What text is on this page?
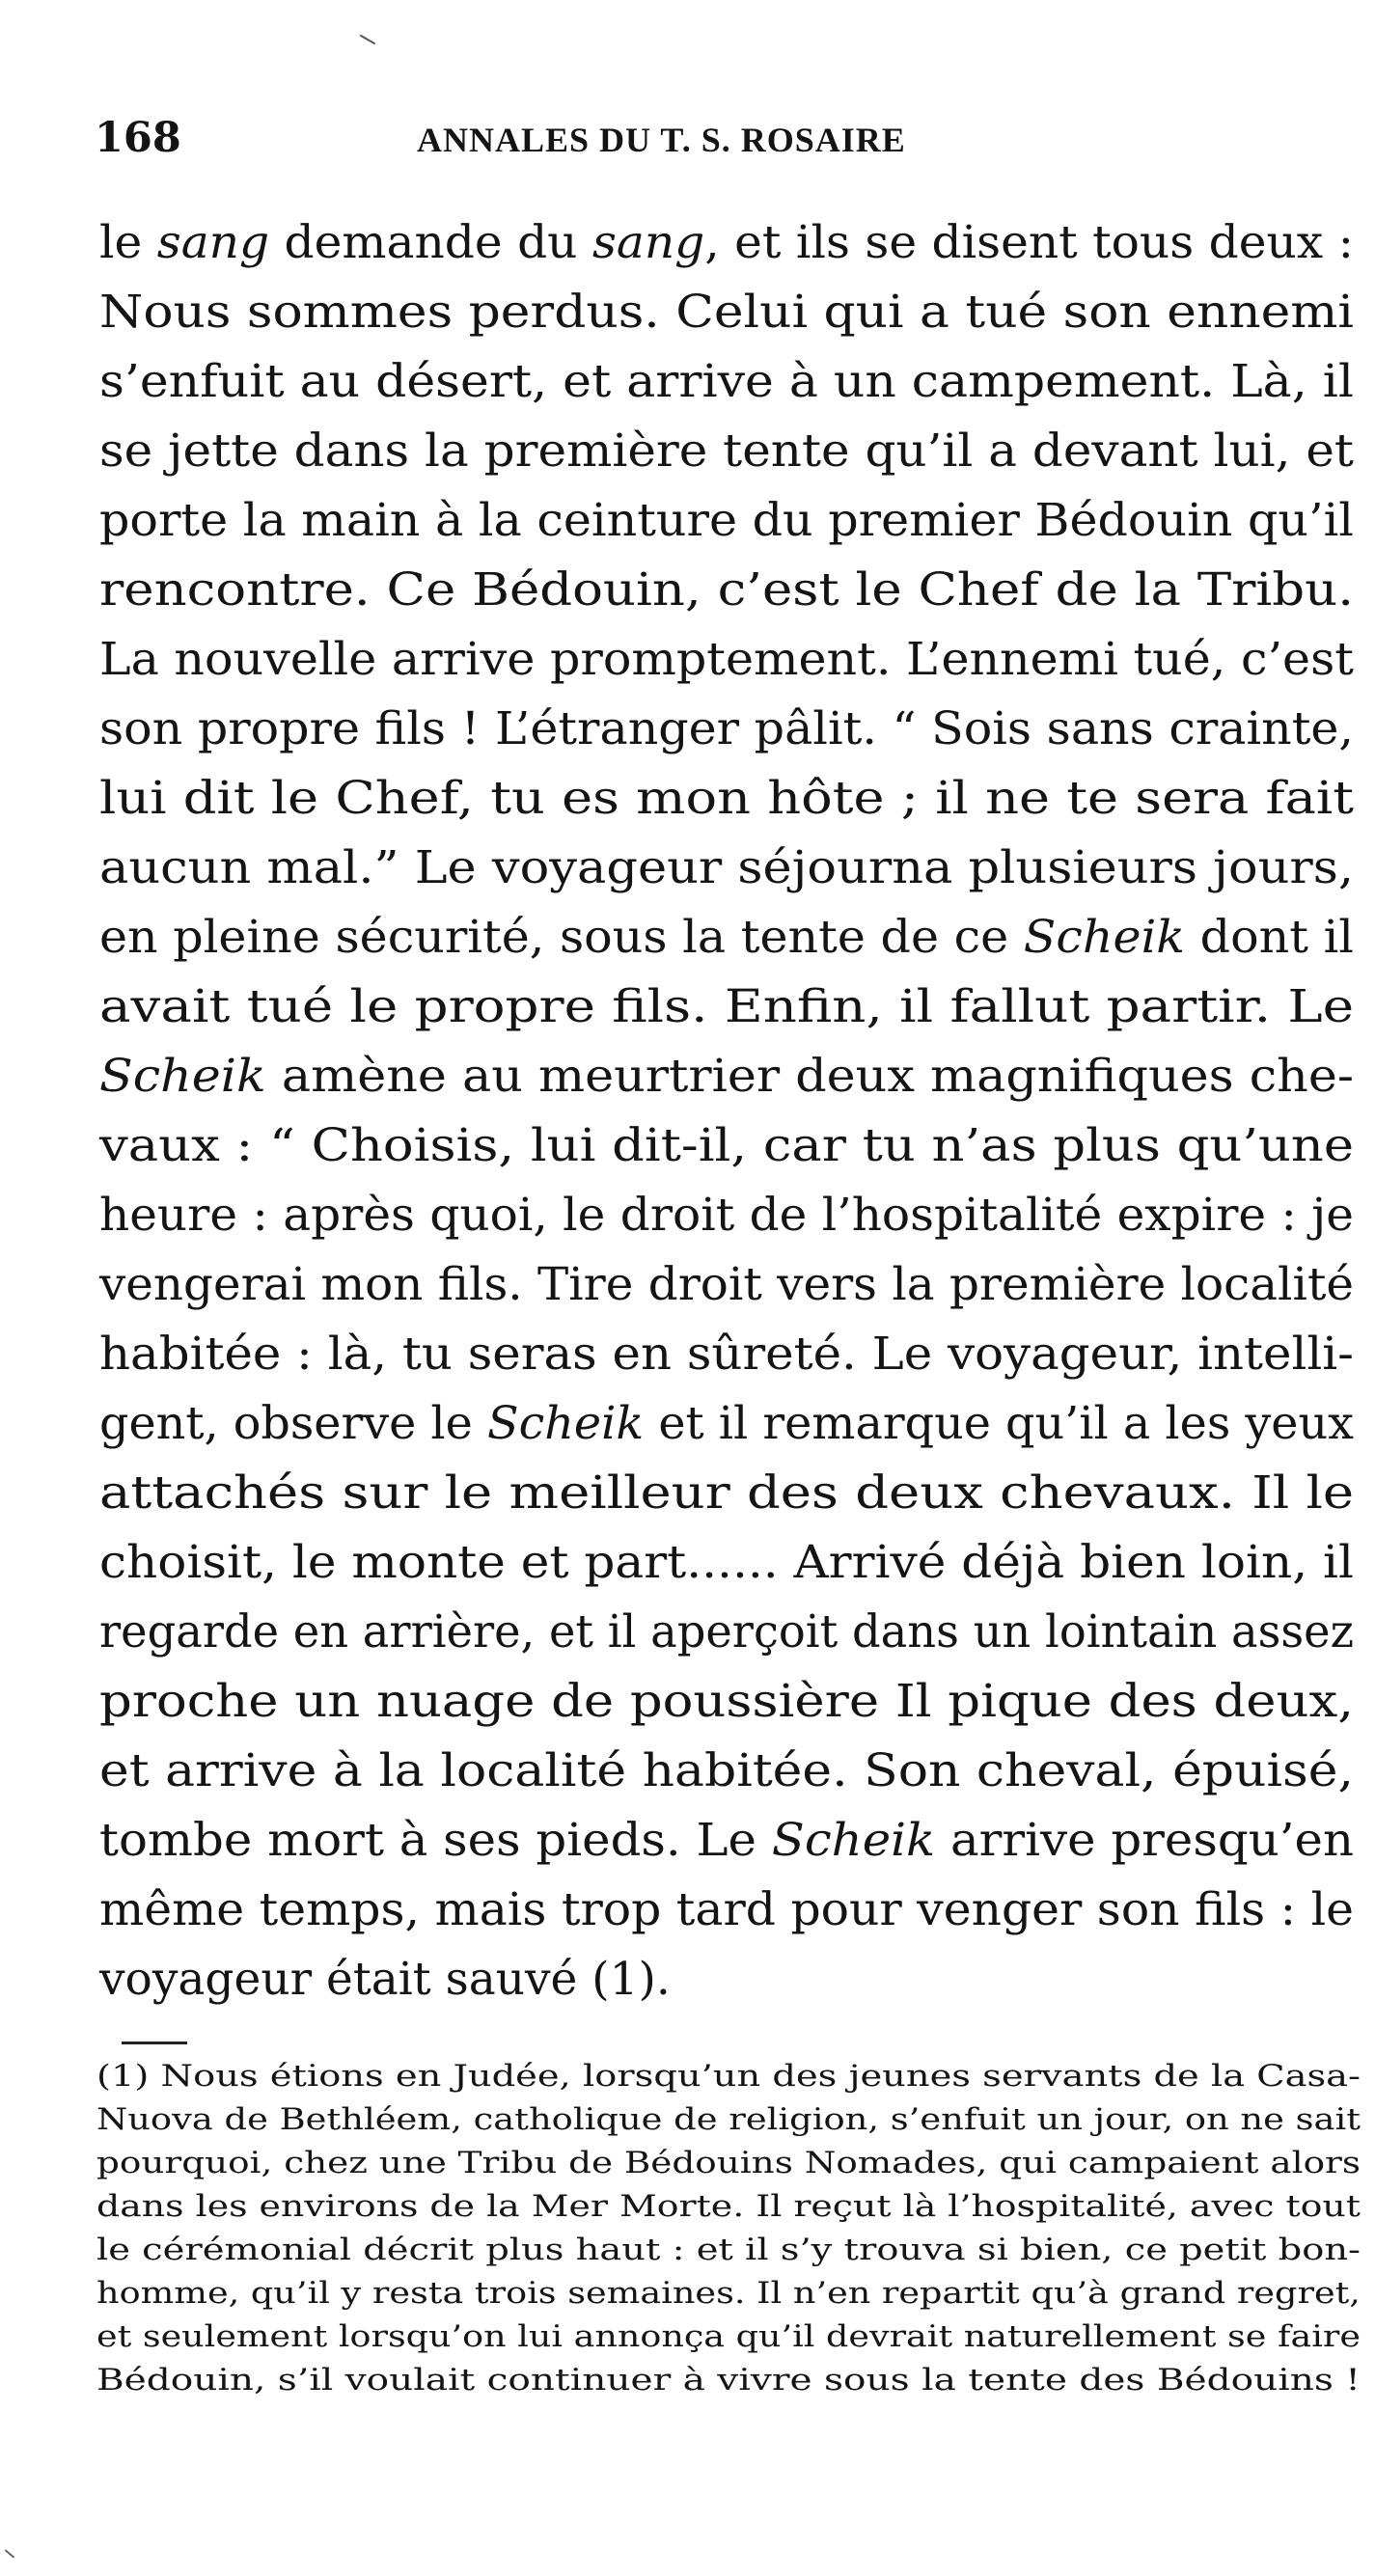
168	ANNALES DU T. S. ROSAIRE
le sang demande du sang, et ils se disent tous deux :
Nous sommes perdus. Celui qui a tué son ennemi
s’enfuit au désert, et arrive à un campement. Là, il
se jette dans la première tente qu’il a devant lui, et
porte la main à la ceinture du premier Bédouin qu’il
rencontre. Ce Bédouin, c’est le Chef de la Tribu.
La nouvelle arrive promptement. L’ennemi tué, c’est
son propre fils ! L’étranger pâlit. “ Sois sans crainte,
lui dit le Chef, tu es mon hôte ; il ne te sera fait
aucun mal.” Le voyageur séjourna plusieurs jours,
en pleine sécurité, sous la tente de ce Scheik dont il
avait tué le propre fils. Enfin, il fallut partir. Le
Scheik amène au meurtrier deux magnifiques che-
vaux : “ Choisis, lui dit-il, car tu n’as plus qu’une
heure : après quoi, le droit de l’hospitalité expire : je
vengerai mon fils. Tire droit vers la première localité
habitée : là, tu seras en sûreté. Le voyageur, intelli-
gent, observe le Scheik et il remarque qu’il a les yeux
attachés sur le meilleur des deux chevaux. Il le
choisit, le monte et part...... Arrivé déjà bien loin, il
regarde en arrière, et il aperçoit dans un lointain assez
proche un nuage de poussière Il pique des deux,
et arrive à la localité habitée. Son cheval, épuisé,
tombe mort à ses pieds. Le Scheik arrive presqu’en
même temps, mais trop tard pour venger son fils : le
voyageur était sauvé (1).
(1) Nous étions en Judée, lorsqu’un des jeunes servants de la Casa-
Nuova de Bethléem, catholique de religion, s’enfuit un jour, on ne sait
pourquoi, chez une Tribu de Bédouins Nomades, qui campaient alors
dans les environs de la Mer Morte. Il reçut là l’hospitalité, avec tout
le cérémonial décrit plus haut : et il s’y trouva si bien, ce petit bon-
homme, qu’il y resta trois semaines. Il n’en repartit qu’à grand regret,
et seulement lorsqu’on lui annonça qu’il devrait naturellement se faire
Bédouin, s’il voulait continuer à vivre sous la tente des Bédouins !
